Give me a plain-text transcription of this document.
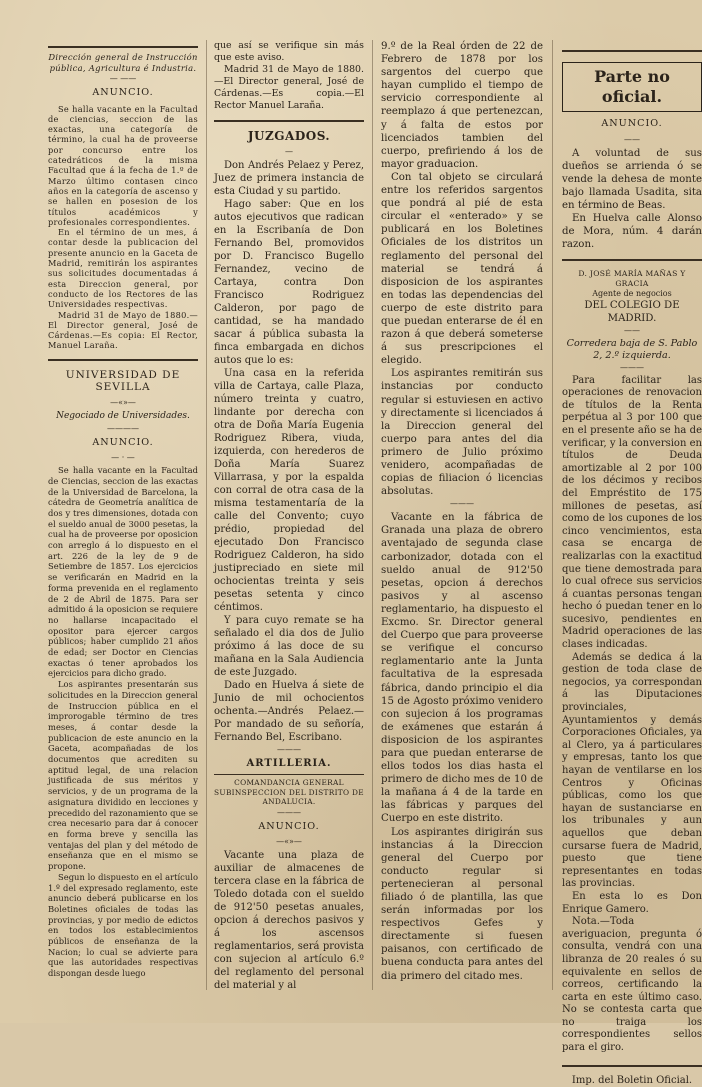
Dirección general de Instrucción pública, Agricultura é Industria.

— ——
ANUNCIO.

Se halla vacante en la Facultad de ciencias, seccion de las exactas, una categoría de término, la cual ha de proveerse por concurso entre los catedráticos de la misma Facultad que á la fecha de 1.º de Marzo último contasen cinco años en la categoría de ascenso y se hallen en posesion de los títulos académicos y profesionales correspondientes.

En el término de un mes, á contar desde la publicacion del presente anuncio en la Gaceta de Madrid, remitirán los aspirantes sus solicitudes documentadas á esta Direccion general, por conducto de los Rectores de las Universidades respectivas.

Madrid 31 de Mayo de 1880.—El Director general, José de Cárdenas.—Es copia: El Rector, Manuel Laraña.

UNIVERSIDAD DE SEVILLA
—«»—

Negociado de Universidades.

————
ANUNCIO.
— · —

Se halla vacante en la Facultad de Ciencias, seccion de las exactas de la Universidad de Barcelona, la cátedra de Geometría analítica de dos y tres dimensiones, dotada con el sueldo anual de 3000 pesetas, la cual ha de proveerse por oposicion con arreglo á lo dispuesto en el art. 226 de la ley de 9 de Setiembre de 1857. Los ejercicios se verificarán en Madrid en la forma prevenida en el reglamento de 2 de Abril de 1875. Para ser admitido á la oposicion se requiere no hallarse incapacitado el opositor para ejercer cargos públicos; haber cumplido 21 años de edad; ser Doctor en Ciencias exactas ó tener aprobados los ejercicios para dicho grado.

Los aspirantes presentarán sus solicitudes en la Direccion general de Instruccion pública en el improrogable término de tres meses, á contar desde la publicacion de este anuncio en la Gaceta, acompañadas de los documentos que acrediten su aptitud legal, de una relacion justificada de sus méritos y servicios, y de un programa de la asignatura dividido en lecciones y precedido del razonamiento que se crea necesario para dar á conocer en forma breve y sencilla las ventajas del plan y del método de enseñanza que en el mismo se propone.

Segun lo dispuesto en el artículo 1.º del expresado reglamento, este anuncio deberá publicarse en los Boletines oficiales de todas las provincias, y por medio de edictos en todos los establecimientos públicos de enseñanza de la Nacion; lo cual se advierte para que las autoridades respectivas dispongan desde luego

que así se verifique sin más que este aviso.

Madrid 31 de Mayo de 1880.—El Director general, José de Cárdenas.—Es copia.—El Rector Manuel Laraña.

JUZGADOS.
—

Don Andrés Pelaez y Perez, Juez de primera instancia de esta Ciudad y su partido.

Hago saber: Que en los autos ejecutivos que radican en la Escribanía de Don Fernando Bel, promovidos por D. Francisco Bugello Fernandez, vecino de Cartaya, contra Don Francisco Rodriguez Calderon, por pago de cantidad, se ha mandado sacar á pública subasta la finca embargada en dichos autos que lo es:

Una casa en la referida villa de Cartaya, calle Plaza, número treinta y cuatro, lindante por derecha con otra de Doña María Eugenia Rodriguez Ribera, viuda, izquierda, con herederos de Doña María Suarez Villarrasa, y por la espalda con corral de otra casa de la misma testamentaría de la calle del Convento; cuyo prédio, propiedad del ejecutado Don Francisco Rodriguez Calderon, ha sido justipreciado en siete mil ochocientas treinta y seis pesetas setenta y cinco céntimos.

Y para cuyo remate se ha señalado el dia dos de Julio próximo á las doce de su mañana en la Sala Audiencia de este Juzgado.

Dado en Huelva á siete de Junio de mil ochocientos ochenta.—Andrés Pelaez.—Por mandado de su señoría, Fernando Bel, Escribano.

———
ARTILLERIA.

COMANDANCIA GENERAL SUBINSPECCION DEL DISTRITO DE ANDALUCIA.

———
ANUNCIO.
—«»—

Vacante una plaza de auxiliar de almacenes de tercera clase en la fábrica de Toledo dotada con el sueldo de 912'50 pesetas anuales, opcion á derechos pasivos y á los ascensos reglamentarios, será provista con sujecion al artículo 6.º del reglamento del personal del material y al

9.º de la Real órden de 22 de Febrero de 1878 por los sargentos del cuerpo que hayan cumplido el tiempo de servicio correspondiente al reemplazo á que pertenezcan, y á falta de estos por licenciados tambien del cuerpo, prefiriendo á los de mayor graduacion.

Con tal objeto se circulará entre los referidos sargentos que pondrá al pié de esta circular el «enterado» y se publicará en los Boletines Oficiales de los distritos un reglamento del personal del material se tendrá á disposicion de los aspirantes en todas las dependencias del cuerpo de este distrito para que puedan enterarse de él en razon á que deberá someterse á sus prescripciones el elegido.

Los aspirantes remitirán sus instancias por conducto regular si estuviesen en activo y directamente si licenciados á la Direccion general del cuerpo para antes del dia primero de Julio próximo venidero, acompañadas de copias de filiacion ó licencias absolutas.

———

Vacante en la fábrica de Granada una plaza de obrero aventajado de segunda clase carbonizador, dotada con el sueldo anual de 912'50 pesetas, opcion á derechos pasivos y al ascenso reglamentario, ha dispuesto el Excmo. Sr. Director general del Cuerpo que para proveerse se verifique el concurso reglamentario ante la Junta facultativa de la espresada fábrica, dando principio el dia 15 de Agosto próximo venidero con sujecion á los programas de exámenes que estarán á disposicion de los aspirantes para que puedan enterarse de ellos todos los dias hasta el primero de dicho mes de 10 de la mañana á 4 de la tarde en las fábricas y parques del Cuerpo en este distrito.

Los aspirantes dirigirán sus instancias á la Direccion general del Cuerpo por conducto regular si pertenecieran al personal filiado ó de plantilla, las que serán informadas por los respectivos Gefes y directamente si fuesen paisanos, con certificado de buena conducta para antes del dia primero del citado mes.

Parte no oficial.
ANUNCIO.
——

A voluntad de sus dueños se arrienda ó se vende la dehesa de monte bajo llamada Usadita, sita en término de Beas.

En Huelva calle Alonso de Mora, núm. 4 darán razon.

D. JOSÉ MARÍA MAÑAS Y GRACIA

Agente de negocios

DEL COLEGIO DE MADRID.

——

Corredera baja de S. Pablo 2, 2.º izquierda.

———

Para facilitar las operaciones de renovacion de títulos de la Renta perpétua al 3 por 100 que en el presente año se ha de verificar, y la conversion en títulos de Deuda amortizable al 2 por 100 de los décimos y recibos del Empréstito de 175 millones de pesetas, así como de los cupones de los cinco vencimientos, esta casa se encarga de realizarlas con la exactitud que tiene demostrada para lo cual ofrece sus servicios á cuantas personas tengan hecho ó puedan tener en lo sucesivo, pendientes en Madrid operaciones de las clases indicadas.

Además se dedica á la gestion de toda clase de negocios, ya correspondan á las Diputaciones provinciales, Ayuntamientos y demás Corporaciones Oficiales, ya al Clero, ya á particulares y empresas, tanto los que hayan de ventilarse en los Centros y Oficinas públicas, como los que hayan de sustanciarse en los tribunales y aun aquellos que deban cursarse fuera de Madrid, puesto que tiene representantes en todas las provincias.

En esta lo es Don Enrique Gamero.

Nota.—Toda averiguacion, pregunta ó consulta, vendrá con una libranza de 20 reales ó su equivalente en sellos de correos, certificando la carta en este último caso. No se contesta carta que no traiga los correspondientes sellos para el giro.

Imp. del Boletin Oficial.
